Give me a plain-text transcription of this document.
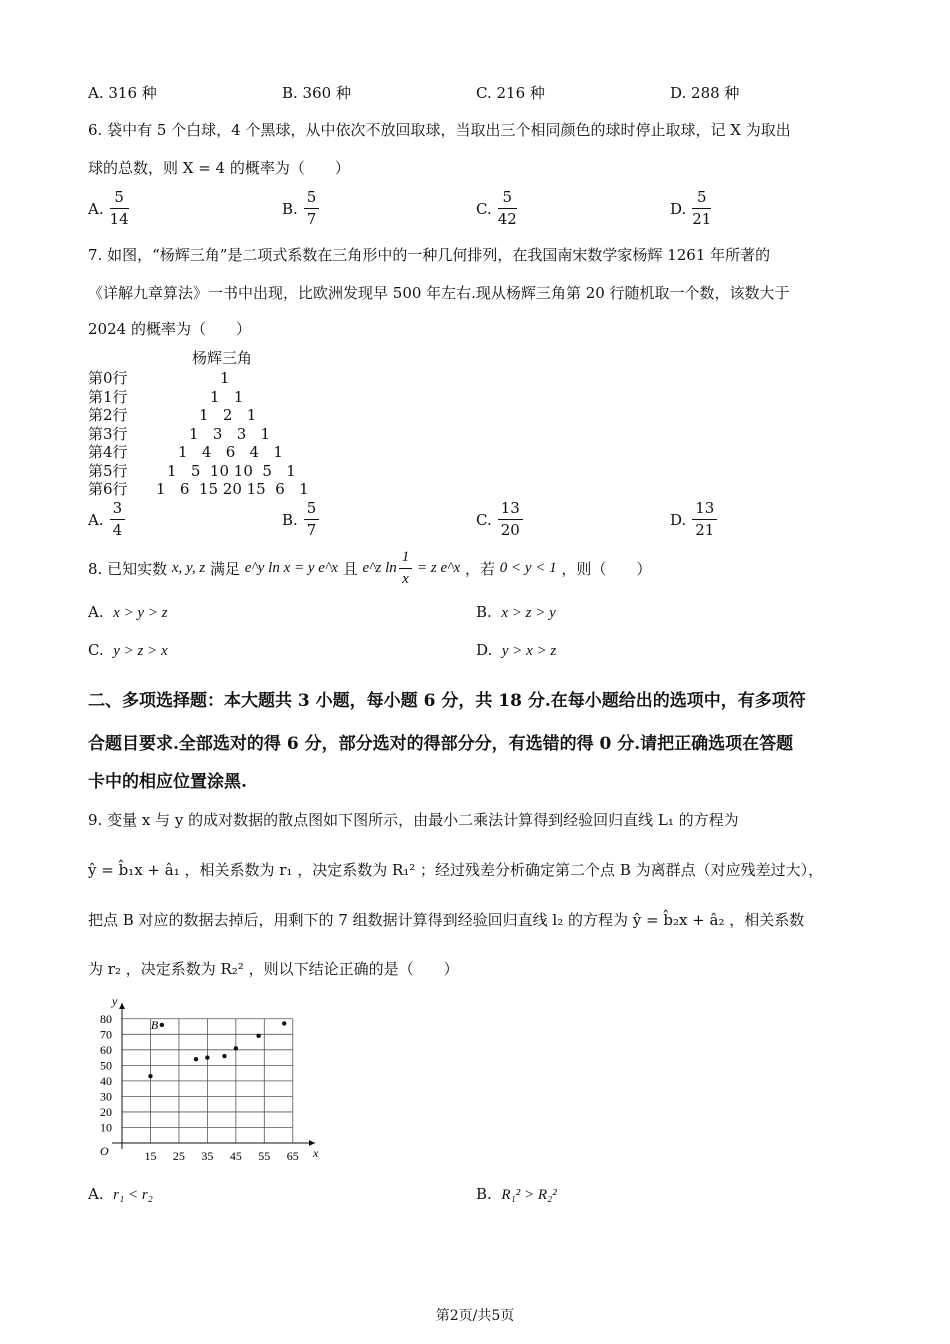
A. 316 种	B. 360 种	C. 216 种	D. 288 种
6. 袋中有 5 个白球，4 个黑球，从中依次不放回取球，当取出三个相同颜色的球时停止取球，记 X 为取出
球的总数，则 X = 4 的概率为（　　）
A. $\frac{5}{14}$	B. $\frac{5}{7}$	C. $\frac{5}{42}$	D. $\frac{5}{21}$
7. 如图，“杨辉三角”是二项式系数在三角形中的一种几何排列，在我国南宋数学家杨辉 1261 年所著的
《详解九章算法》一书中出现，比欧洲发现早 500 年左右.现从杨辉三角第 20 行随机取一个数，该数大于
2024 的概率为（　　）
杨辉三角
第0行	1
第1行	1   1
第2行	1   2   1
第3行	1   3   3   1
第4行	1   4   6   4   1
第5行	1   5  10 10  5   1
第6行 1   6  15 20 15  6   1
A. $\frac{3}{4}$	B. $\frac{5}{7}$	C. $\frac{13}{20}$	D. $\frac{13}{21}$
8. 已知实数 x, y, z 满足 e^y ln x = y e^x 且 e^z $\ln \frac{1}{x} = z$ e^x ，若 0 < y < 1 ，则（　　）
A. x > y > z	B. x > z > y
C. y > z > x	D. y > x > z
二、多项选择题：本大题共 3 小题，每小题 6 分，共 18 分.在每小题给出的选项中，有多项符
合题目要求.全部选对的得 6 分，部分选对的得部分分，有选错的得 0 分.请把正确选项在答题
卡中的相应位置涂黑.
9. 变量 x 与 y 的成对数据的散点图如下图所示，由最小二乘法计算得到经验回归直线 L₁ 的方程为
ŷ = b̂₁x + â₁ ，相关系数为 r₁ ，决定系数为 R₁² ；经过残差分析确定第二个点 B 为离群点（对应残差过大），
把点 B 对应的数据去掉后，用剩下的 7 组数据计算得到经验回归直线 l₂ 的方程为 ŷ = b̂₂x + â₂ ，相关系数
为 r₂ ，决定系数为 R₂² ，则以下结论正确的是（　　）
15 25 35 45 55 65
10
20
30
40
50
60
70
80
O	x
y
B
A. r₁ < r₂	B. R₁² > R₂²
第2页/共5页
